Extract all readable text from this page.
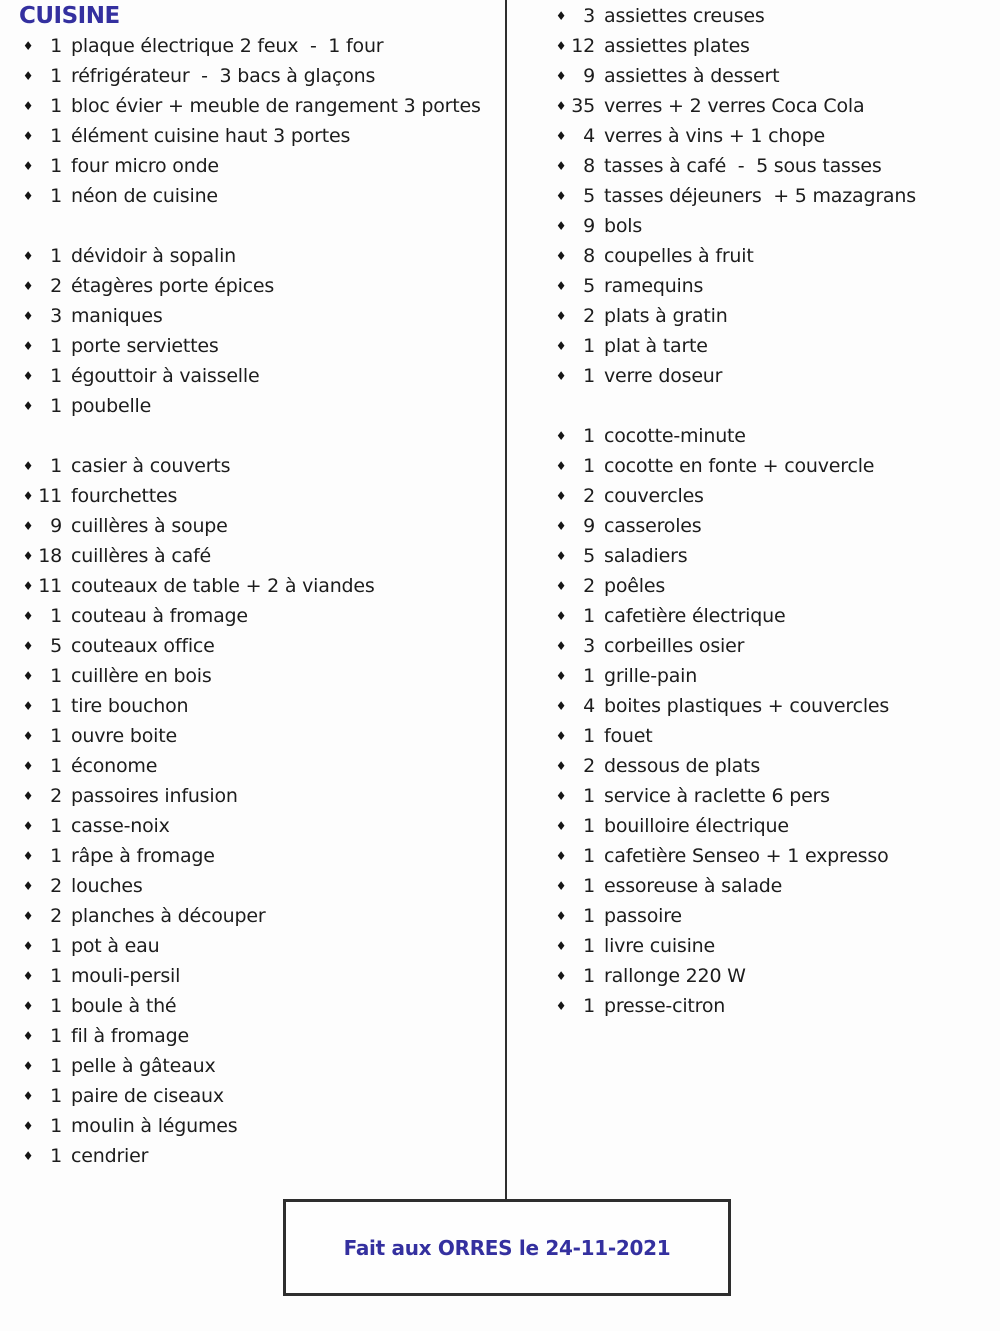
CUISINE
♦ 1 plaque électrique 2 feux  -  1 four
♦ 1 réfrigérateur  -  3 bacs à glaçons
♦ 1 bloc évier + meuble de rangement 3 portes
♦ 1 élément cuisine haut 3 portes
♦ 1 four micro onde
♦ 1 néon de cuisine
♦ 1 dévidoir à sopalin
♦ 2 étagères porte épices
♦ 3 maniques
♦ 1 porte serviettes
♦ 1 égouttoir à vaisselle
♦ 1 poubelle
♦ 1 casier à couverts
♦ 11 fourchettes
♦ 9 cuillères à soupe
♦ 18 cuillères à café
♦ 11 couteaux de table + 2 à viandes
♦ 1 couteau à fromage
♦ 5 couteaux office
♦ 1 cuillère en bois
♦ 1 tire bouchon
♦ 1 ouvre boite
♦ 1 économe
♦ 2 passoires infusion
♦ 1 casse-noix
♦ 1 râpe à fromage
♦ 2 louches
♦ 2 planches à découper
♦ 1 pot à eau
♦ 1 mouli-persil
♦ 1 boule à thé
♦ 1 fil à fromage
♦ 1 pelle à gâteaux
♦ 1 paire de ciseaux
♦ 1 moulin à légumes
♦ 1 cendrier
♦ 3 assiettes creuses
♦ 12 assiettes plates
♦ 9 assiettes à dessert
♦ 35 verres + 2 verres Coca Cola
♦ 4 verres à vins + 1 chope
♦ 8 tasses à café  -  5 sous tasses
♦ 5 tasses déjeuners  + 5 mazagrans
♦ 9 bols
♦ 8 coupelles à fruit
♦ 5 ramequins
♦ 2 plats à gratin
♦ 1 plat à tarte
♦ 1 verre doseur
♦ 1 cocotte-minute
♦ 1 cocotte en fonte + couvercle
♦ 2 couvercles
♦ 9 casseroles
♦ 5 saladiers
♦ 2 poêles
♦ 1 cafetière électrique
♦ 3 corbeilles osier
♦ 1 grille-pain
♦ 4 boites plastiques + couvercles
♦ 1 fouet
♦ 2 dessous de plats
♦ 1 service à raclette 6 pers
♦ 1 bouilloire électrique
♦ 1 cafetière Senseo + 1 expresso
♦ 1 essoreuse à salade
♦ 1 passoire
♦ 1 livre cuisine
♦ 1 rallonge 220 W
♦ 1 presse-citron
Fait aux ORRES le 24-11-2021
